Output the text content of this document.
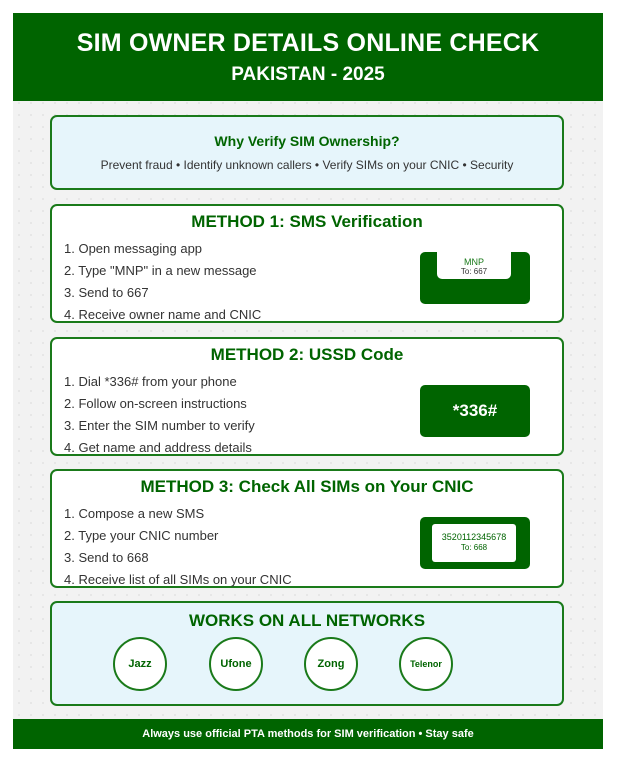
SIM OWNER DETAILS ONLINE CHECK
PAKISTAN - 2025
Why Verify SIM Ownership?
Prevent fraud • Identify unknown callers • Verify SIMs on your CNIC • Security
METHOD 1: SMS Verification
1. Open messaging app
2. Type "MNP" in a new message
3. Send to 667
4. Receive owner name and CNIC
MNP
To: 667
METHOD 2: USSD Code
1. Dial *336# from your phone
2. Follow on-screen instructions
3. Enter the SIM number to verify
4. Get name and address details
*336#
METHOD 3: Check All SIMs on Your CNIC
1. Compose a new SMS
2. Type your CNIC number
3. Send to 668
4. Receive list of all SIMs on your CNIC
3520112345678
To: 668
WORKS ON ALL NETWORKS
Jazz	Ufone	Zong	Telenor
Always use official PTA methods for SIM verification • Stay safe
